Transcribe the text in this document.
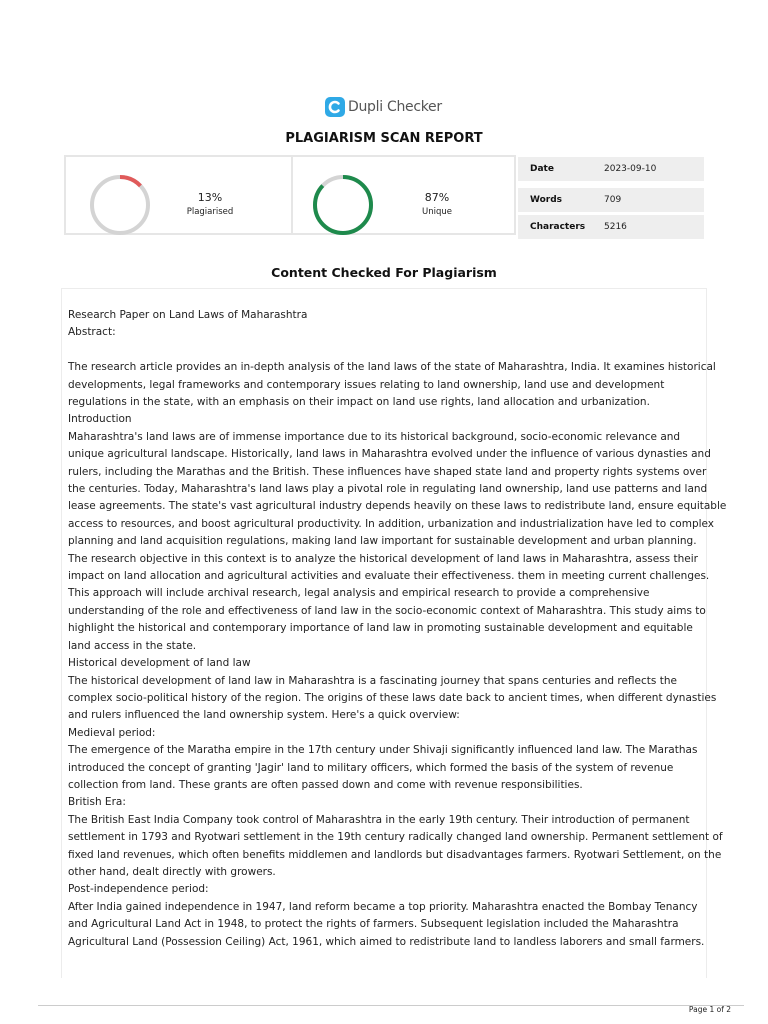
Dupli Checker
PLAGIARISM SCAN REPORT
13%
Plagiarised
87%
Unique
Date	2023-09-10
Words	709
Characters	5216
Content Checked For Plagiarism

Research Paper on Land Laws of Maharashtra

Abstract:

The research article provides an in-depth analysis of the land laws of the state of Maharashtra, India. It examines historical

developments, legal frameworks and contemporary issues relating to land ownership, land use and development

regulations in the state, with an emphasis on their impact on land use rights, land allocation and urbanization.

Introduction

Maharashtra's land laws are of immense importance due to its historical background, socio-economic relevance and

unique agricultural landscape. Historically, land laws in Maharashtra evolved under the influence of various dynasties and

rulers, including the Marathas and the British. These influences have shaped state land and property rights systems over

the centuries. Today, Maharashtra's land laws play a pivotal role in regulating land ownership, land use patterns and land

lease agreements. The state's vast agricultural industry depends heavily on these laws to redistribute land, ensure equitable

access to resources, and boost agricultural productivity. In addition, urbanization and industrialization have led to complex

planning and land acquisition regulations, making land law important for sustainable development and urban planning.

The research objective in this context is to analyze the historical development of land laws in Maharashtra, assess their

impact on land allocation and agricultural activities and evaluate their effectiveness. them in meeting current challenges.

This approach will include archival research, legal analysis and empirical research to provide a comprehensive

understanding of the role and effectiveness of land law in the socio-economic context of Maharashtra. This study aims to

highlight the historical and contemporary importance of land law in promoting sustainable development and equitable

land access in the state.

Historical development of land law

The historical development of land law in Maharashtra is a fascinating journey that spans centuries and reflects the

complex socio-political history of the region. The origins of these laws date back to ancient times, when different dynasties

and rulers influenced the land ownership system. Here's a quick overview:

Medieval period:

The emergence of the Maratha empire in the 17th century under Shivaji significantly influenced land law. The Marathas

introduced the concept of granting 'Jagir' land to military officers, which formed the basis of the system of revenue

collection from land. These grants are often passed down and come with revenue responsibilities.

British Era:

The British East India Company took control of Maharashtra in the early 19th century. Their introduction of permanent

settlement in 1793 and Ryotwari settlement in the 19th century radically changed land ownership. Permanent settlement of

fixed land revenues, which often benefits middlemen and landlords but disadvantages farmers. Ryotwari Settlement, on the

other hand, dealt directly with growers.

Post-independence period:

After India gained independence in 1947, land reform became a top priority. Maharashtra enacted the Bombay Tenancy

and Agricultural Land Act in 1948, to protect the rights of farmers. Subsequent legislation included the Maharashtra

Agricultural Land (Possession Ceiling) Act, 1961, which aimed to redistribute land to landless laborers and small farmers.

Page 1 of 2
